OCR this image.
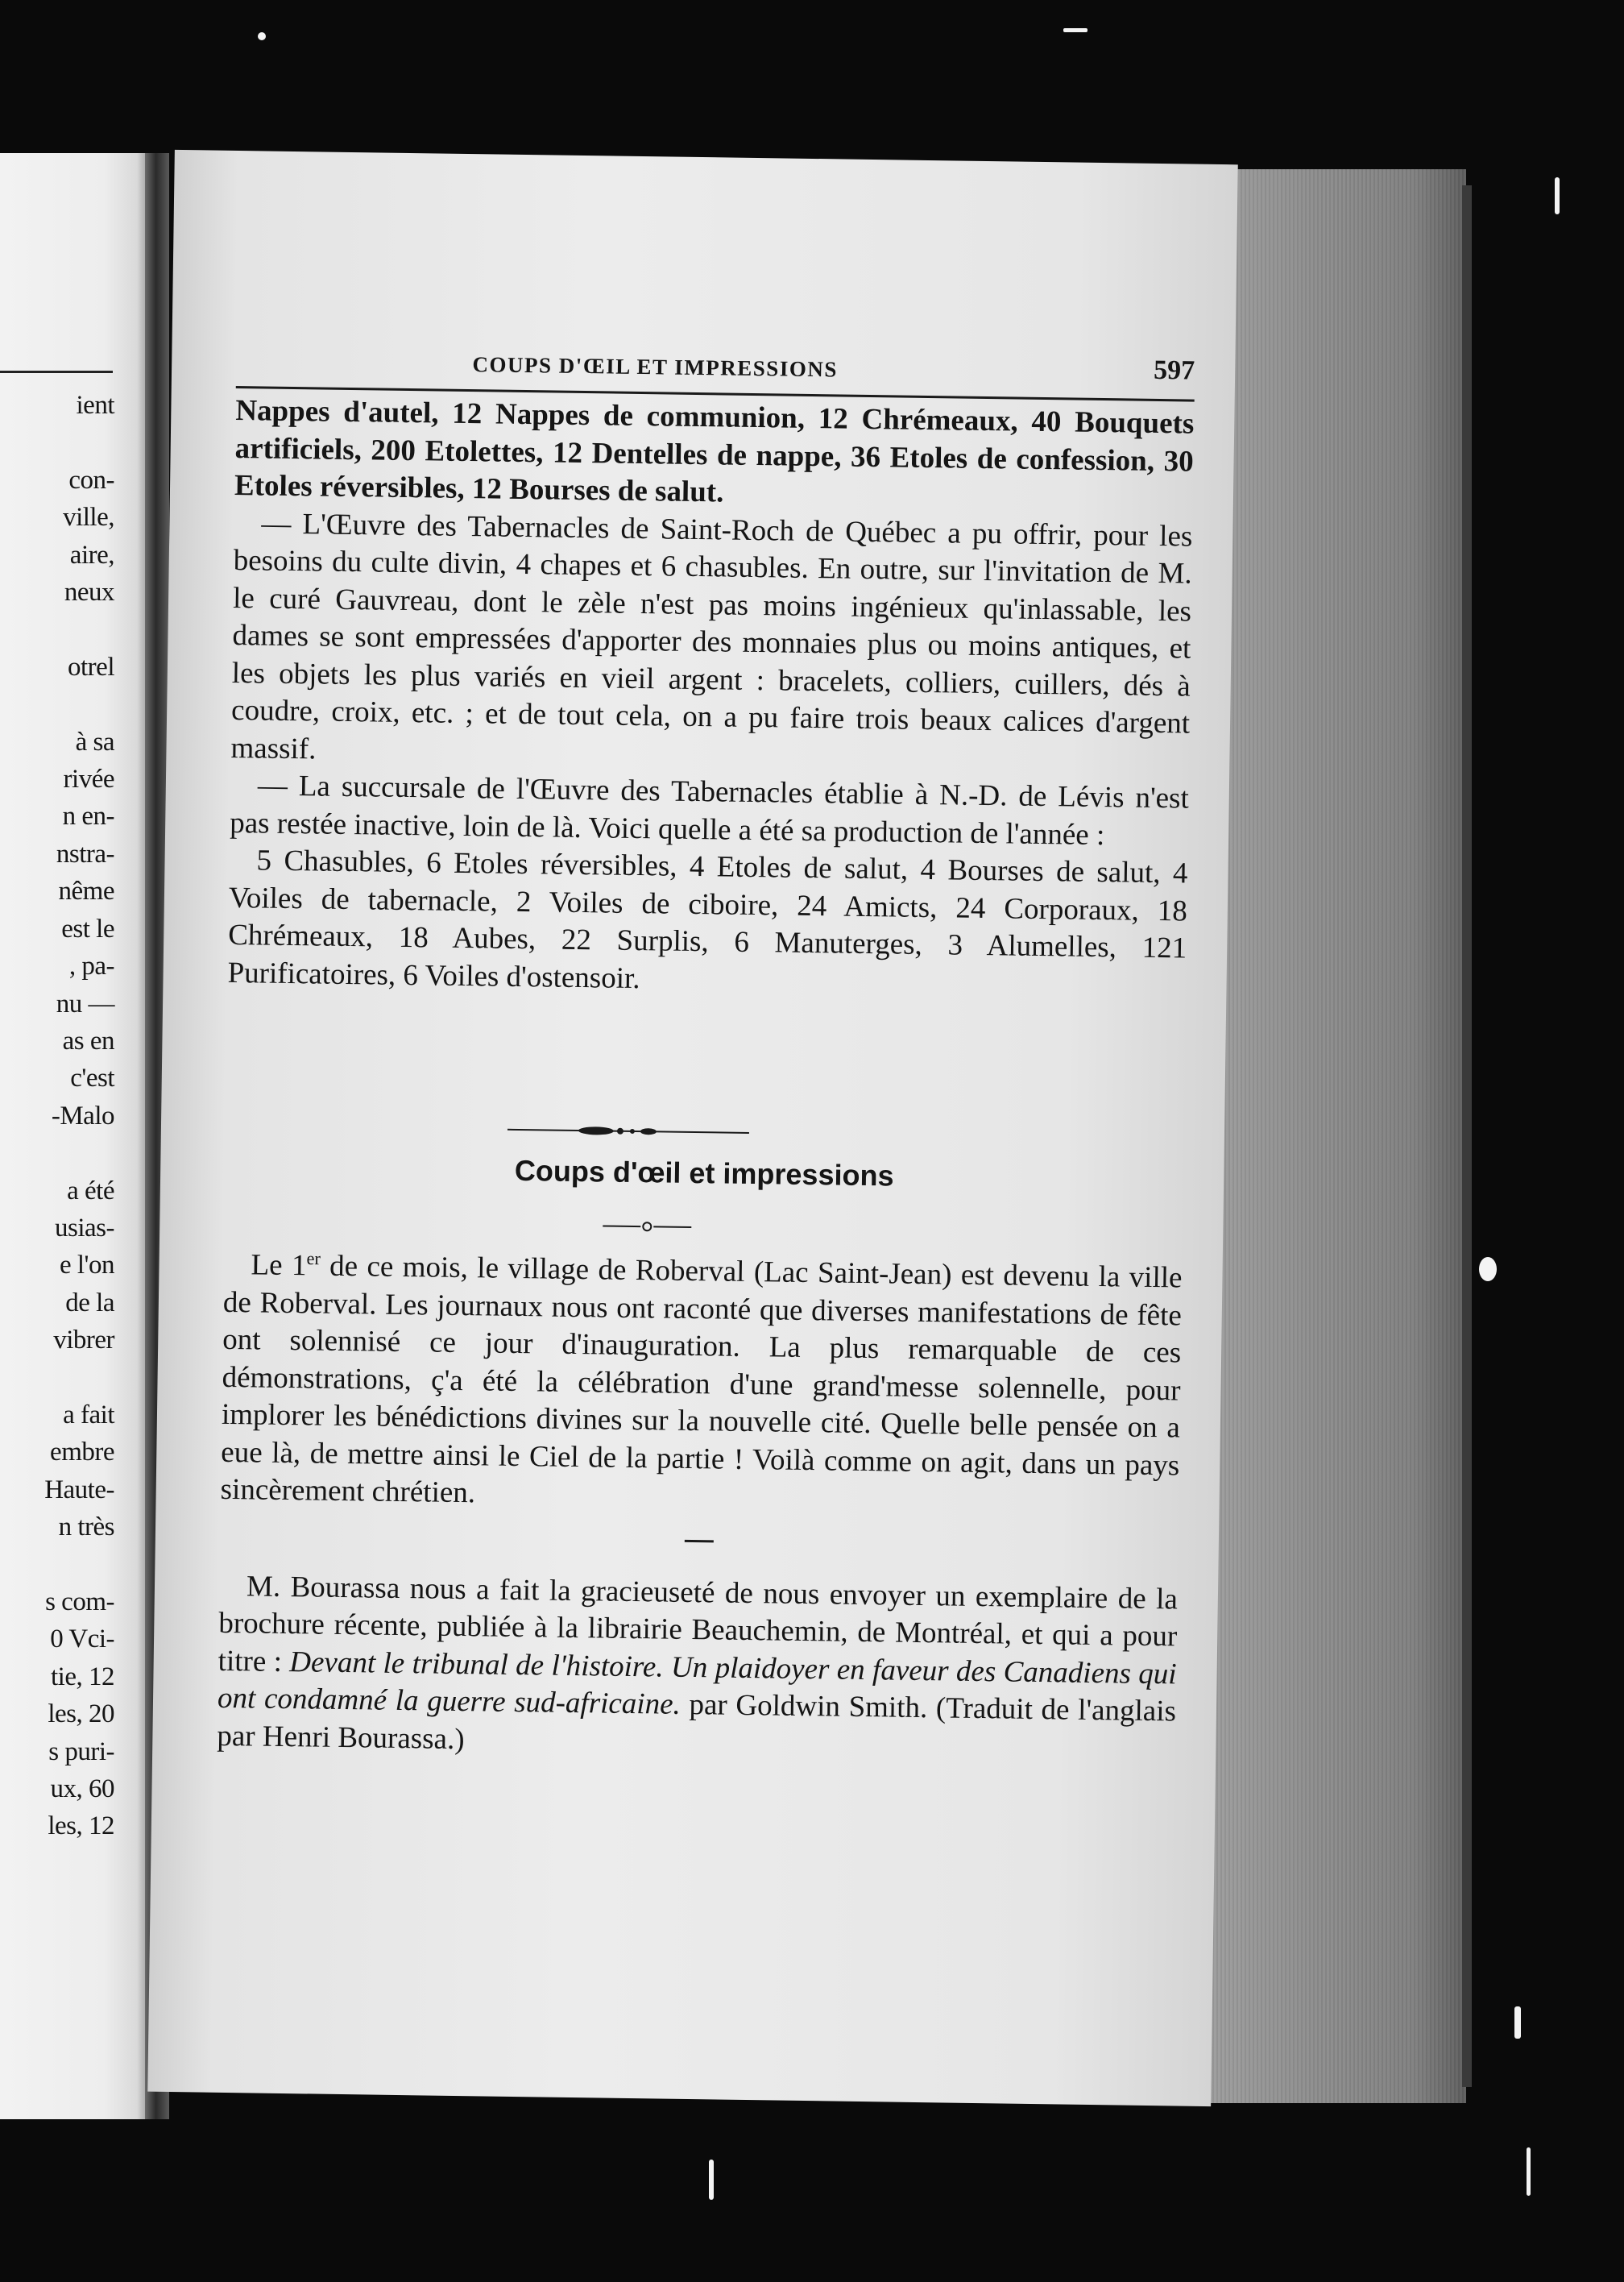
ient

con-
ville,
aire,
neux

otrel

à sa
rivée
n en-
nstra-
nême
est le
, pa-
nu —
as en
c'est
-Malo

a été
usias-
e l'on
de la
vibrer

a fait
embre
Haute-
n très

s com-
0 Vci-
tie, 12
les, 20
s puri-
ux, 60
les, 12
COUPS D'ŒIL ET IMPRESSIONS	597

Nappes d'autel, 12 Nappes de communion, 12 Chrémeaux, 40 Bouquets artificiels, 200 Etolettes, 12 Dentelles de nappe, 36 Etoles de confession, 30 Etoles réversibles, 12 Bourses de salut.

— L'Œuvre des Tabernacles de Saint-Roch de Québec a pu offrir, pour les besoins du culte divin, 4 chapes et 6 chasubles. En outre, sur l'invitation de M. le curé Gauvreau, dont le zèle n'est pas moins ingénieux qu'inlassable, les dames se sont empressées d'apporter des monnaies plus ou moins antiques, et les objets les plus variés en vieil argent : bracelets, colliers, cuillers, dés à coudre, croix, etc. ; et de tout cela, on a pu faire trois beaux calices d'argent massif.

— La succursale de l'Œuvre des Tabernacles établie à N.-D. de Lévis n'est pas restée inactive, loin de là. Voici quelle a été sa production de l'année :

5 Chasubles, 6 Etoles réversibles, 4 Etoles de salut, 4 Bourses de salut, 4 Voiles de tabernacle, 2 Voiles de ciboire, 24 Amicts, 24 Corporaux, 18 Chrémeaux, 18 Aubes, 22 Surplis, 6 Manuterges, 3 Alumelles, 121 Purificatoires, 6 Voiles d'ostensoir.

Coups d'œil et impressions

Le 1er de ce mois, le village de Roberval (Lac Saint-Jean) est devenu la ville de Roberval. Les journaux nous ont raconté que diverses manifestations de fête ont solennisé ce jour d'inauguration. La plus remarquable de ces démonstrations, ç'a été la célébration d'une grand'messe solennelle, pour implorer les bénédictions divines sur la nouvelle cité. Quelle belle pensée on a eue là, de mettre ainsi le Ciel de la partie ! Voilà comme on agit, dans un pays sincèrement chrétien.

M. Bourassa nous a fait la gracieuseté de nous envoyer un exemplaire de la brochure récente, publiée à la librairie Beauchemin, de Montréal, et qui a pour titre : Devant le tribunal de l'histoire. Un plaidoyer en faveur des Canadiens qui ont condamné la guerre sud-africaine. par Goldwin Smith. (Traduit de l'anglais par Henri Bourassa.)
